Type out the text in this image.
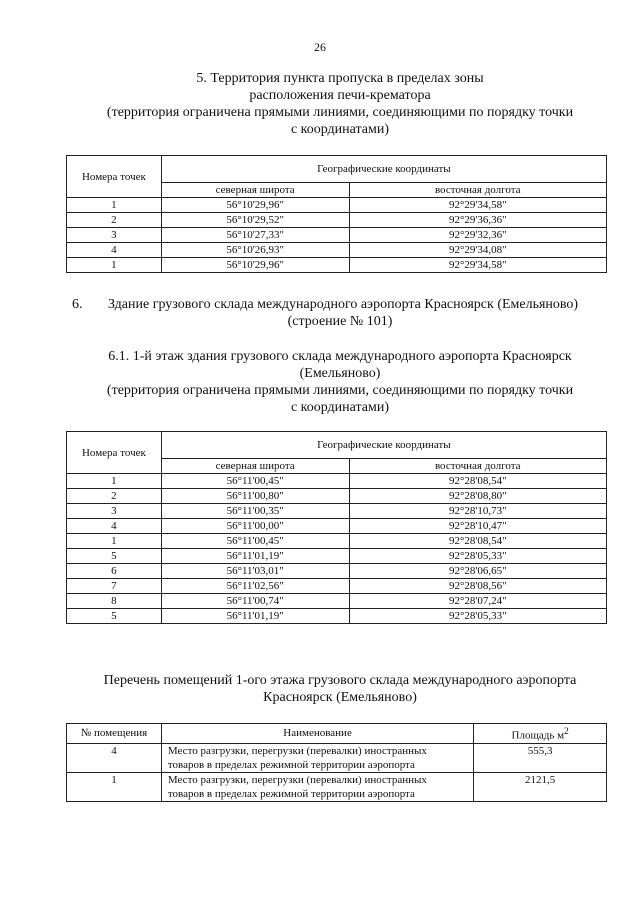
26
5. Территория пункта пропуска в пределах зоны
расположения печи-крематора
(территория ограничена прямыми линиями, соединяющими по порядку точки
с координатами)
Номера точек	Географические координаты	
	северная широта	восточная долгота
1	56°10'29,96"	92°29'34,58"
2	56°10'29,52"	92°29'36,36"
3	56°10'27,33"	92°29'32,36"
4	56°10'26,93"	92°29'34,08"
1	56°10'29,96"	92°29'34,58"
6. Здание грузового склада международного аэропорта Красноярск (Емельяново)
(строение № 101)
6.1. 1-й этаж здания грузового склада международного аэропорта Красноярск
(Емельяново)
(территория ограничена прямыми линиями, соединяющими по порядку точки
с координатами)
Номера точек	Географические координаты	
	северная широта	восточная долгота
1	56°11'00,45"	92°28'08,54"
2	56°11'00,80"	92°28'08,80"
3	56°11'00,35"	92°28'10,73"
4	56°11'00,00"	92°28'10,47"
1	56°11'00,45"	92°28'08,54"
5	56°11'01,19"	92°28'05,33"
6	56°11'03,01"	92°28'06,65"
7	56°11'02,56"	92°28'08,56"
8	56°11'00,74"	92°28'07,24"
5	56°11'01,19"	92°28'05,33"
Перечень помещений 1-ого этажа грузового склада международного аэропорта
Красноярск (Емельяново)
№ помещения	Наименование	Площадь $м^2$
4	Место разгрузки, перегрузки (перевалки) иностранных
товаров в пределах режимной территории аэропорта	555,3
1	Место разгрузки, перегрузки (перевалки) иностранных
товаров в пределах режимной территории аэропорта	2121,5
